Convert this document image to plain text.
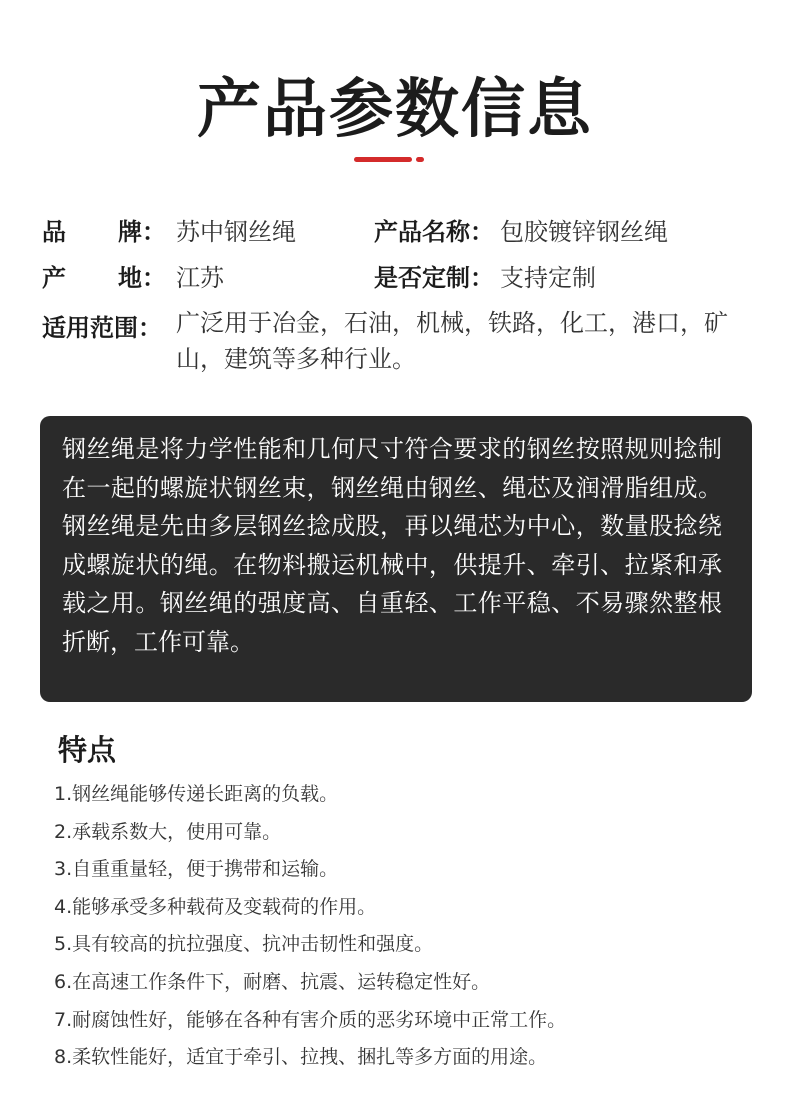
产品参数信息
品 牌： 苏中钢丝绳	产品名称： 包胶镀锌钢丝绳
产 地： 江苏	是否定制： 支持定制
适用范围： 广泛用于冶金，石油，机械，铁路，化工，港口，矿山，建筑等多种行业。

钢丝绳是将力学性能和几何尺寸符合要求的钢丝按照规则捻制在一起的螺旋状钢丝束，钢丝绳由钢丝、绳芯及润滑脂组成。钢丝绳是先由多层钢丝捻成股，再以绳芯为中心，数量股捻绕成螺旋状的绳。在物料搬运机械中，供提升、牵引、拉紧和承载之用。钢丝绳的强度高、自重轻、工作平稳、不易骤然整根折断，工作可靠。

特点
1.钢丝绳能够传递长距离的负载。
2.承载系数大，使用可靠。
3.自重重量轻，便于携带和运输。
4.能够承受多种载荷及变载荷的作用。
5.具有较高的抗拉强度、抗冲击韧性和强度。
6.在高速工作条件下，耐磨、抗震、运转稳定性好。
7.耐腐蚀性好，能够在各种有害介质的恶劣环境中正常工作。
8.柔软性能好，适宜于牵引、拉拽、捆扎等多方面的用途。
